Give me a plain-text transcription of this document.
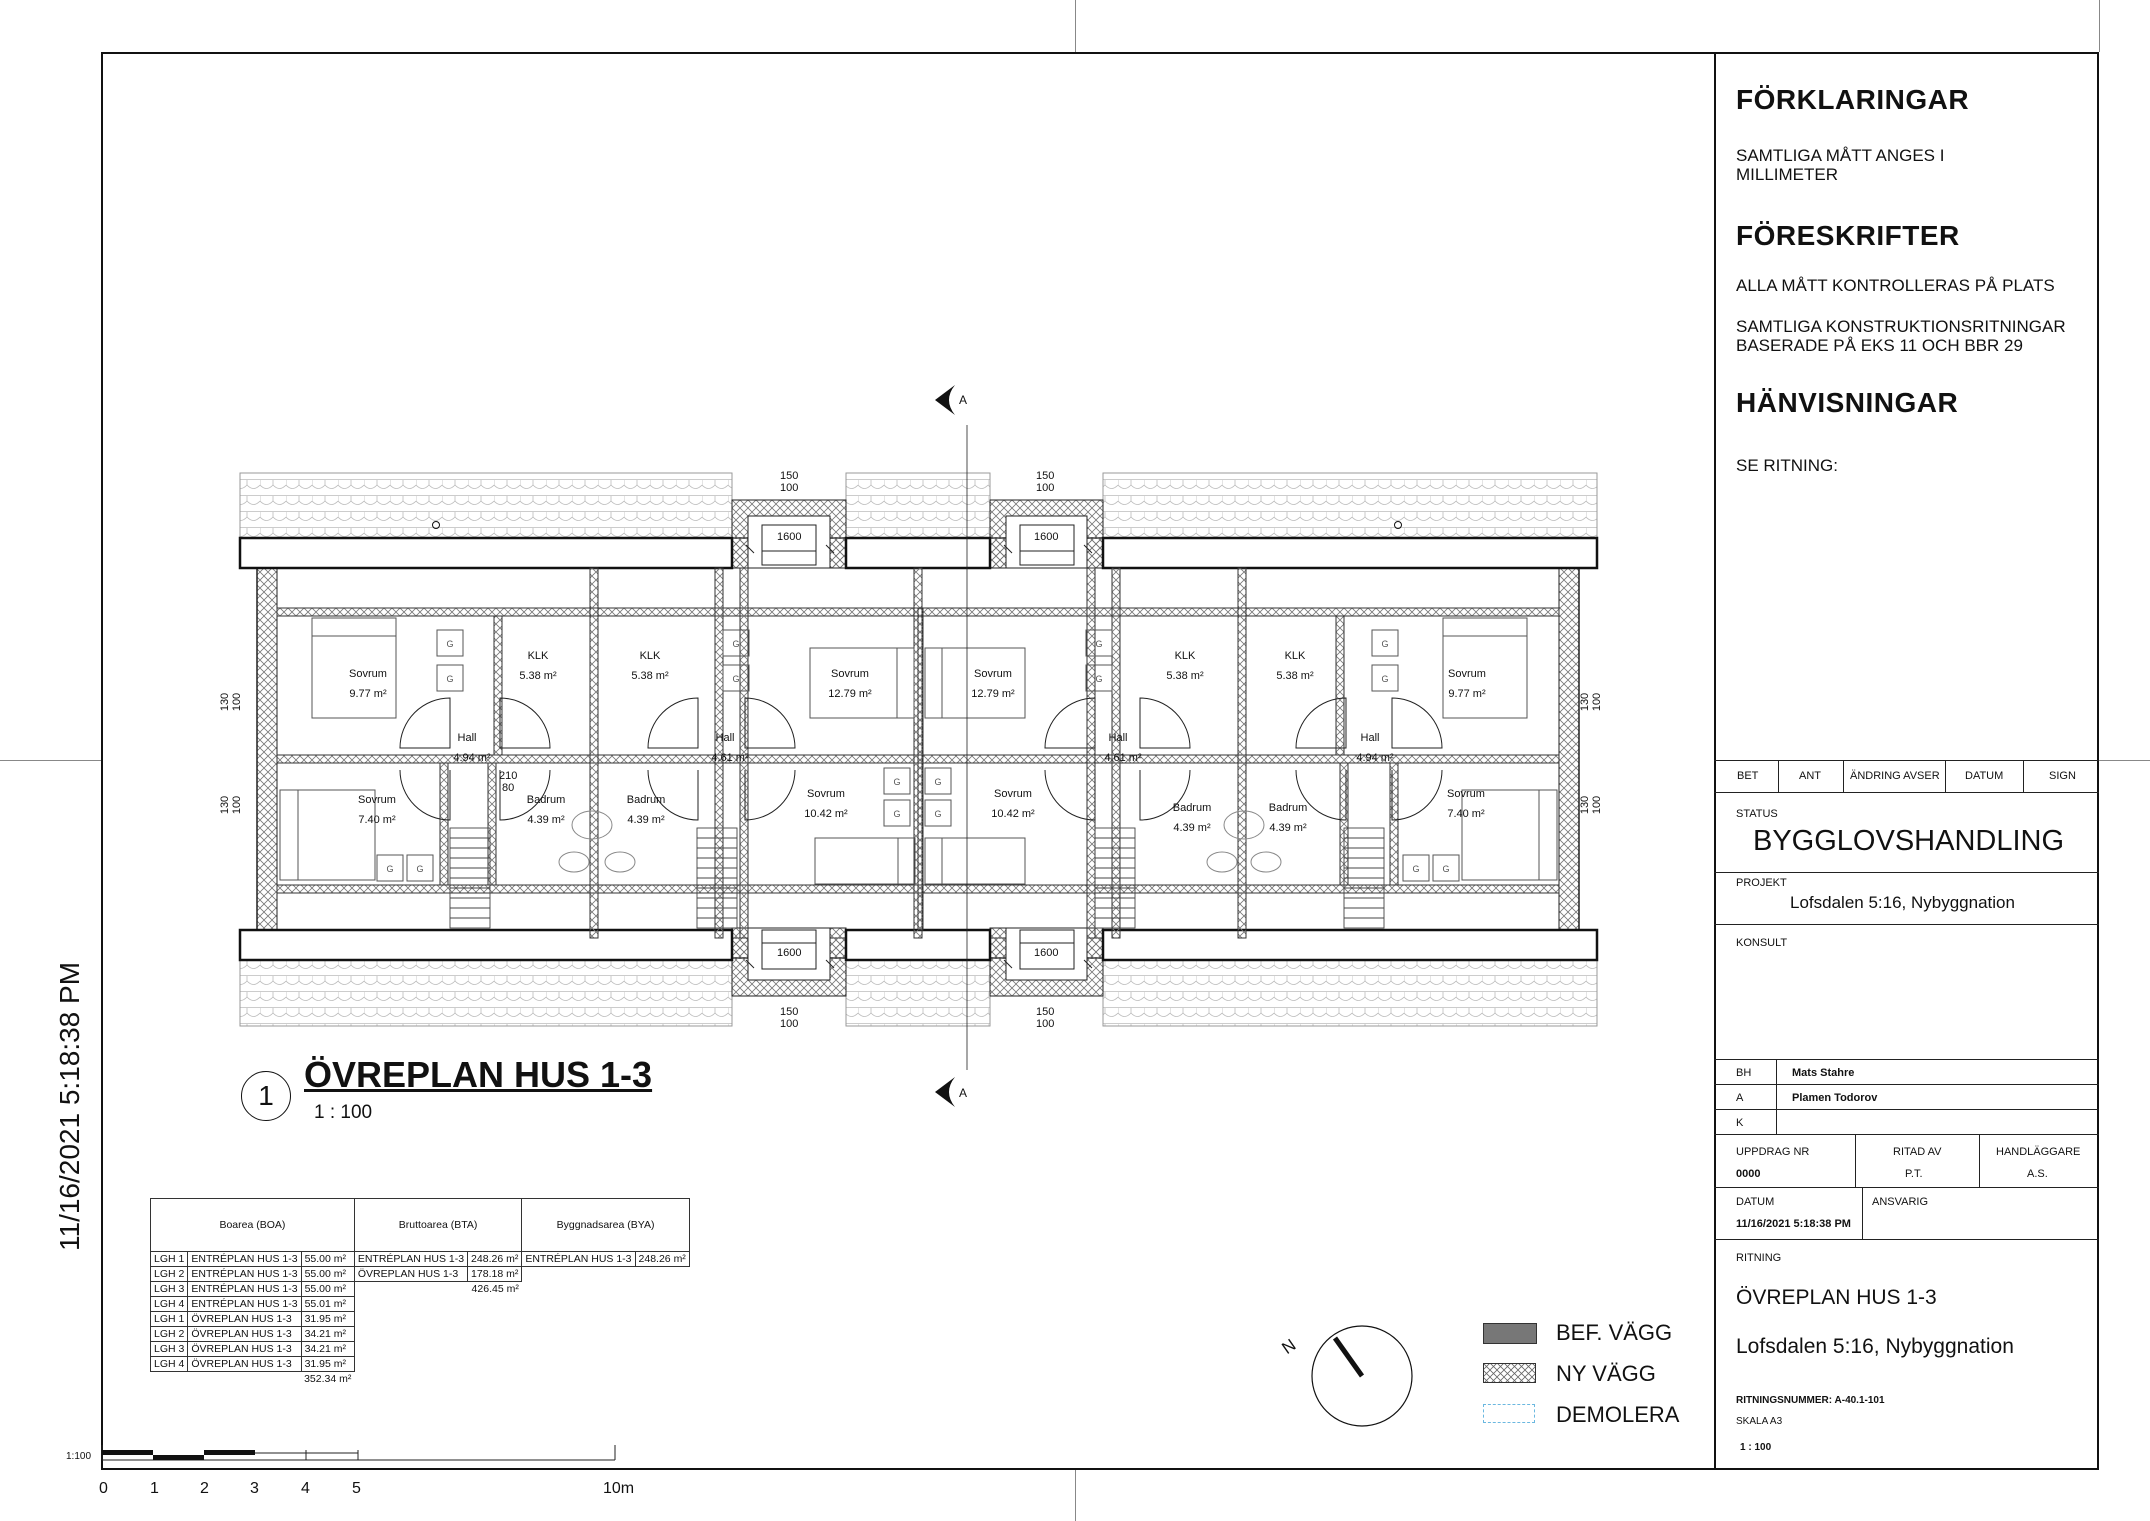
11/16/2021 5:18:38 PM
FÖRKLARINGAR
SAMTLIGA MÅTT ANGES I MILLIMETER
FÖRESKRIFTER
ALLA MÅTT KONTROLLERAS PÅ PLATS
SAMTLIGA KONSTRUKTIONSRITNINGAR BASERADE PÅ EKS 11 OCH BBR 29
HÄNVISNINGAR
SE RITNING:
BET	ANT	ÄNDRING AVSER DATUM	SIGN
STATUS
BYGGLOVSHANDLING
PROJEKT
Lofsdalen 5:16, Nybyggnation
KONSULT
BH	Mats Stahre
A	Plamen Todorov
K
UPPDRAG NR
0000
RITAD AV
P.T.
HANDLÄGGARE
A.S.
DATUM
11/16/2021 5:18:38 PM
ANSVARIG
RITNING
ÖVREPLAN HUS 1-3
Lofsdalen 5:16, Nybyggnation
RITNINGSNUMMER: A-40.1-101
SKALA A3
1 : 100
G
G
G
G
G
G
G
G
G	G	G	G
G
G
G
G
A
A
150
100
150
100
150
100
150
100
1600	1600
1600	1600
130
100
130
100
130
100
130
100
210
80
Sovrum
9.77 m²
KLK
5.38 m²
KLK
5.38 m²	Sovrum
12.79 m²
Sovrum
12.79 m²
KLK
5.38 m²
KLK
5.38 m²	Sovrum
9.77 m²
Hall
4.94 m²
Hall
4.61 m²
Hall
4.61 m²
Hall
4.94 m²
Sovrum
7.40 m²
Badrum
4.39 m²
Badrum
4.39 m²
Sovrum
10.42 m²
Sovrum
10.42 m²	Badrum
4.39 m²
Badrum
4.39 m²
Sovrum
7.40 m²
1
ÖVREPLAN HUS 1-3
1 : 100
Boarea (BOA)			Bruttoarea (BTA)		Byggnadsarea (BYA)	
LGH 1	ENTRÉPLAN HUS 1-3	55.00 m²	ENTRÉPLAN HUS 1-3	248.26 m²	ENTRÉPLAN HUS 1-3	248.26 m²
LGH 2	ENTRÉPLAN HUS 1-3	55.00 m²	ÖVREPLAN HUS 1-3	178.18 m²		
LGH 3	ENTRÉPLAN HUS 1-3	55.00 m²		426.45 m²		
LGH 4	ENTRÉPLAN HUS 1-3	55.01 m²				
LGH 1	ÖVREPLAN HUS 1-3	31.95 m²				
LGH 2	ÖVREPLAN HUS 1-3	34.21 m²				
LGH 3	ÖVREPLAN HUS 1-3	34.21 m²				
LGH 4	ÖVREPLAN HUS 1-3	31.95 m²				
		352.34 m²				
N
BEF. VÄGG
NY VÄGG
DEMOLERA
1:100
0	1	2	3	4	5	10m
